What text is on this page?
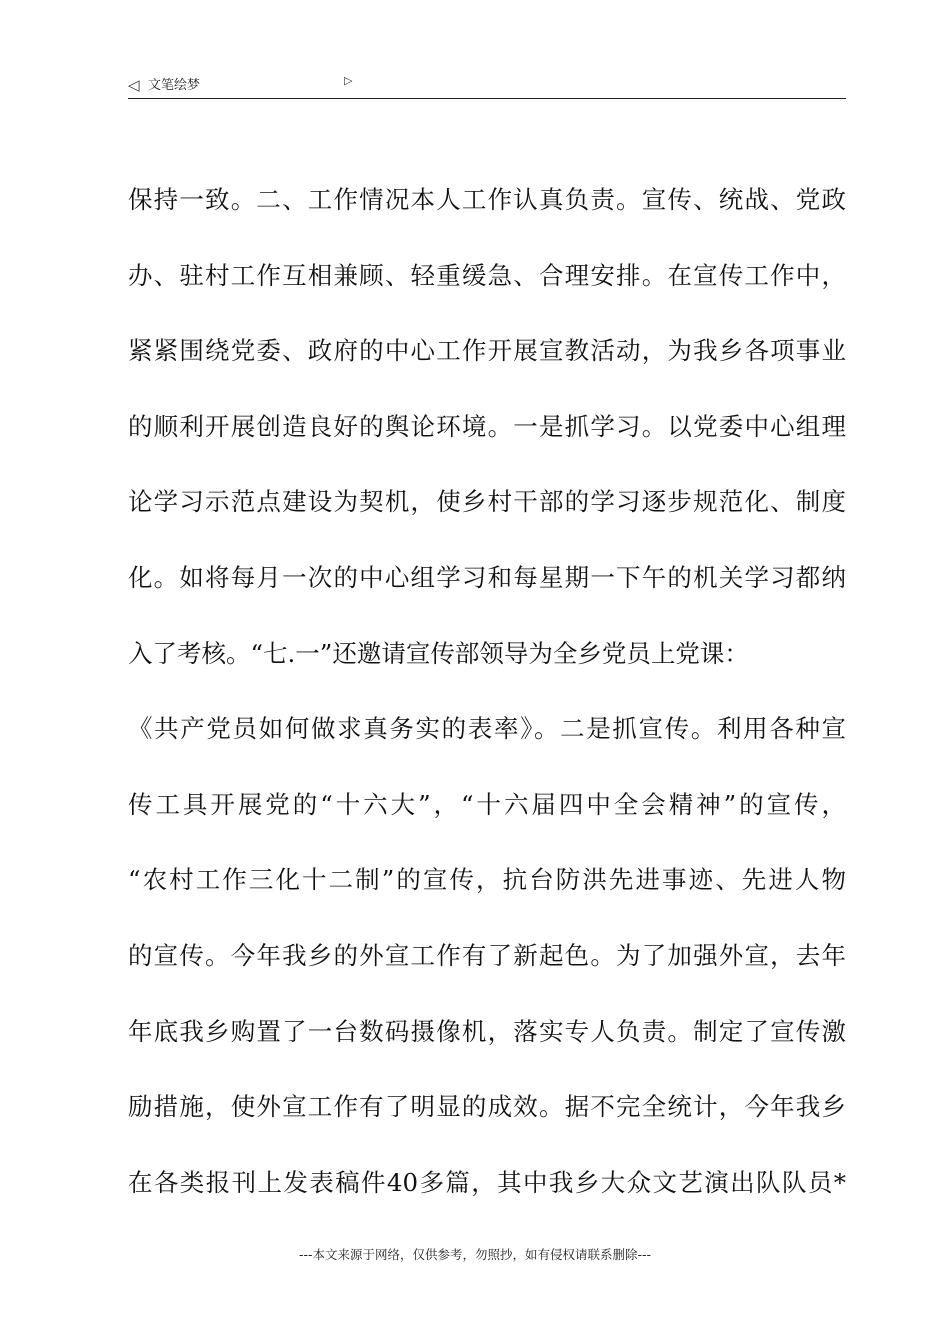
◁ 文笔绘梦	▷
保持一致。二、工作情况本人工作认真负责。宣传、统战、党政
办、驻村工作互相兼顾、轻重缓急、合理安排。在宣传工作中，
紧紧围绕党委、政府的中心工作开展宣教活动，为我乡各项事业
的顺利开展创造良好的舆论环境。一是抓学习。以党委中心组理
论学习示范点建设为契机，使乡村干部的学习逐步规范化、制度
化。如将每月一次的中心组学习和每星期一下午的机关学习都纳
入了考核。“七.一”还邀请宣传部领导为全乡党员上党课：
《共产党员如何做求真务实的表率》。二是抓宣传。利用各种宣
传工具开展党的“十六大”，“十六届四中全会精神”的宣传，
“农村工作三化十二制”的宣传，抗台防洪先进事迹、先进人物
的宣传。今年我乡的外宣工作有了新起色。为了加强外宣，去年
年底我乡购置了一台数码摄像机，落实专人负责。制定了宣传激
励措施，使外宣工作有了明显的成效。据不完全统计，今年我乡
在各类报刊上发表稿件40多篇，其中我乡大众文艺演出队队员*
---本文来源于网络，仅供参考，勿照抄，如有侵权请联系删除---
